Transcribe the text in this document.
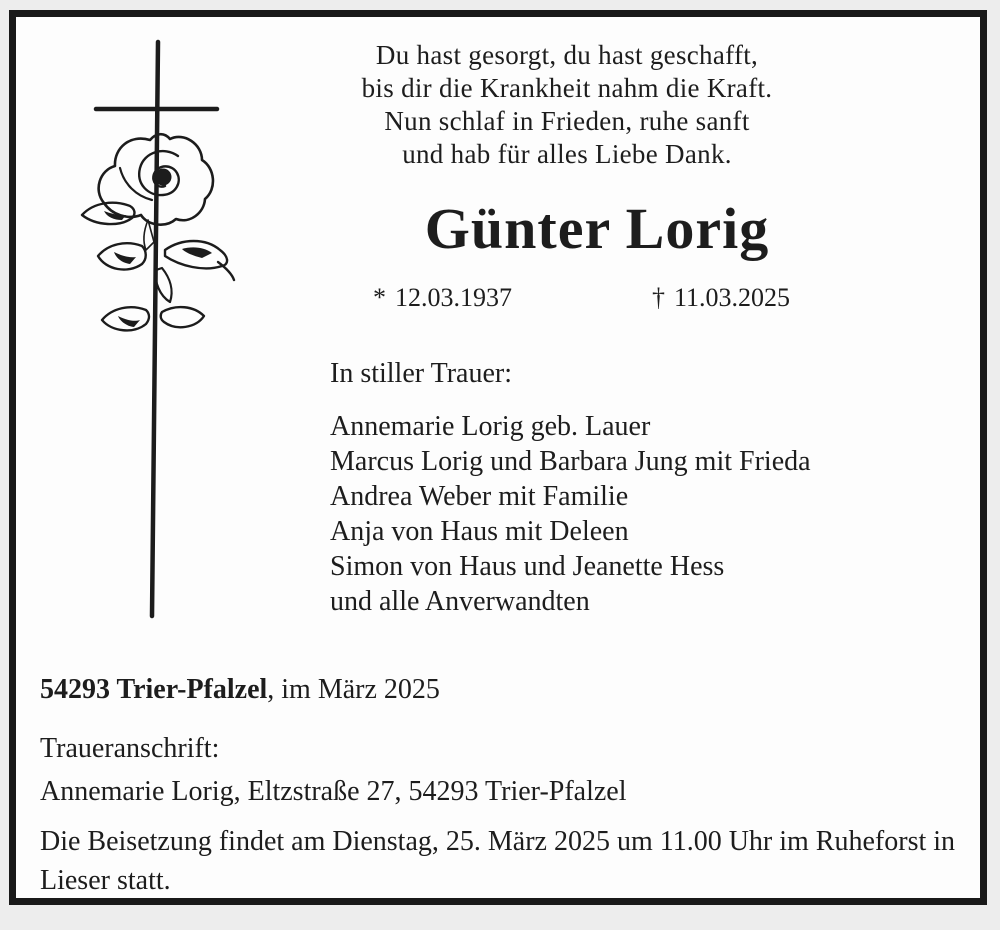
Du hast gesorgt, du hast geschafft,
bis dir die Krankheit nahm die Kraft.
Nun schlaf in Frieden, ruhe sanft
und hab für alles Liebe Dank.
Günter Lorig
* 12.03.1937	† 11.03.2025
In stiller Trauer:
Annemarie Lorig geb. Lauer
Marcus Lorig und Barbara Jung mit Frieda
Andrea Weber mit Familie
Anja von Haus mit Deleen
Simon von Haus und Jeanette Hess
und alle Anverwandten
54293 Trier-Pfalzel, im März 2025
Traueranschrift:
Annemarie Lorig, Eltzstraße 27, 54293 Trier-Pfalzel
Die Beisetzung findet am Dienstag, 25. März 2025 um 11.00 Uhr im Ruheforst in Lieser statt.
